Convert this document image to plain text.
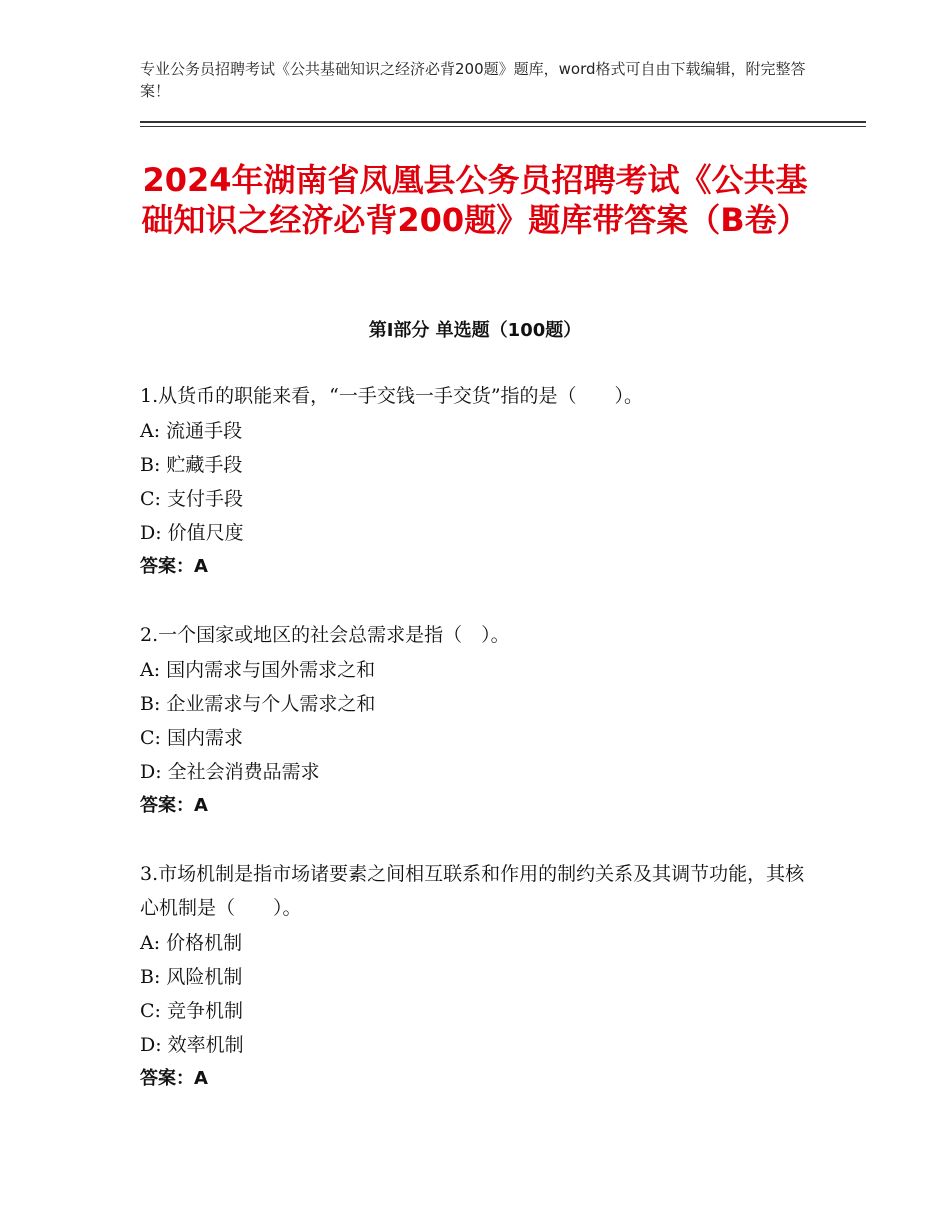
专业公务员招聘考试《公共基础知识之经济必背200题》题库，word格式可自由下载编辑，附完整答案！
2024年湖南省凤凰县公务员招聘考试《公共基础知识之经济必背200题》题库带答案（B卷）
第Ⅰ部分 单选题（100题）
1.从货币的职能来看，“一手交钱一手交货”指的是（　　）。
A: 流通手段
B: 贮藏手段
C: 支付手段
D: 价值尺度
答案：A
2.一个国家或地区的社会总需求是指（　）。
A: 国内需求与国外需求之和
B: 企业需求与个人需求之和
C: 国内需求
D: 全社会消费品需求
答案：A
3.市场机制是指市场诸要素之间相互联系和作用的制约关系及其调节功能，其核心机制是（　　）。
A: 价格机制
B: 风险机制
C: 竞争机制
D: 效率机制
答案：A
